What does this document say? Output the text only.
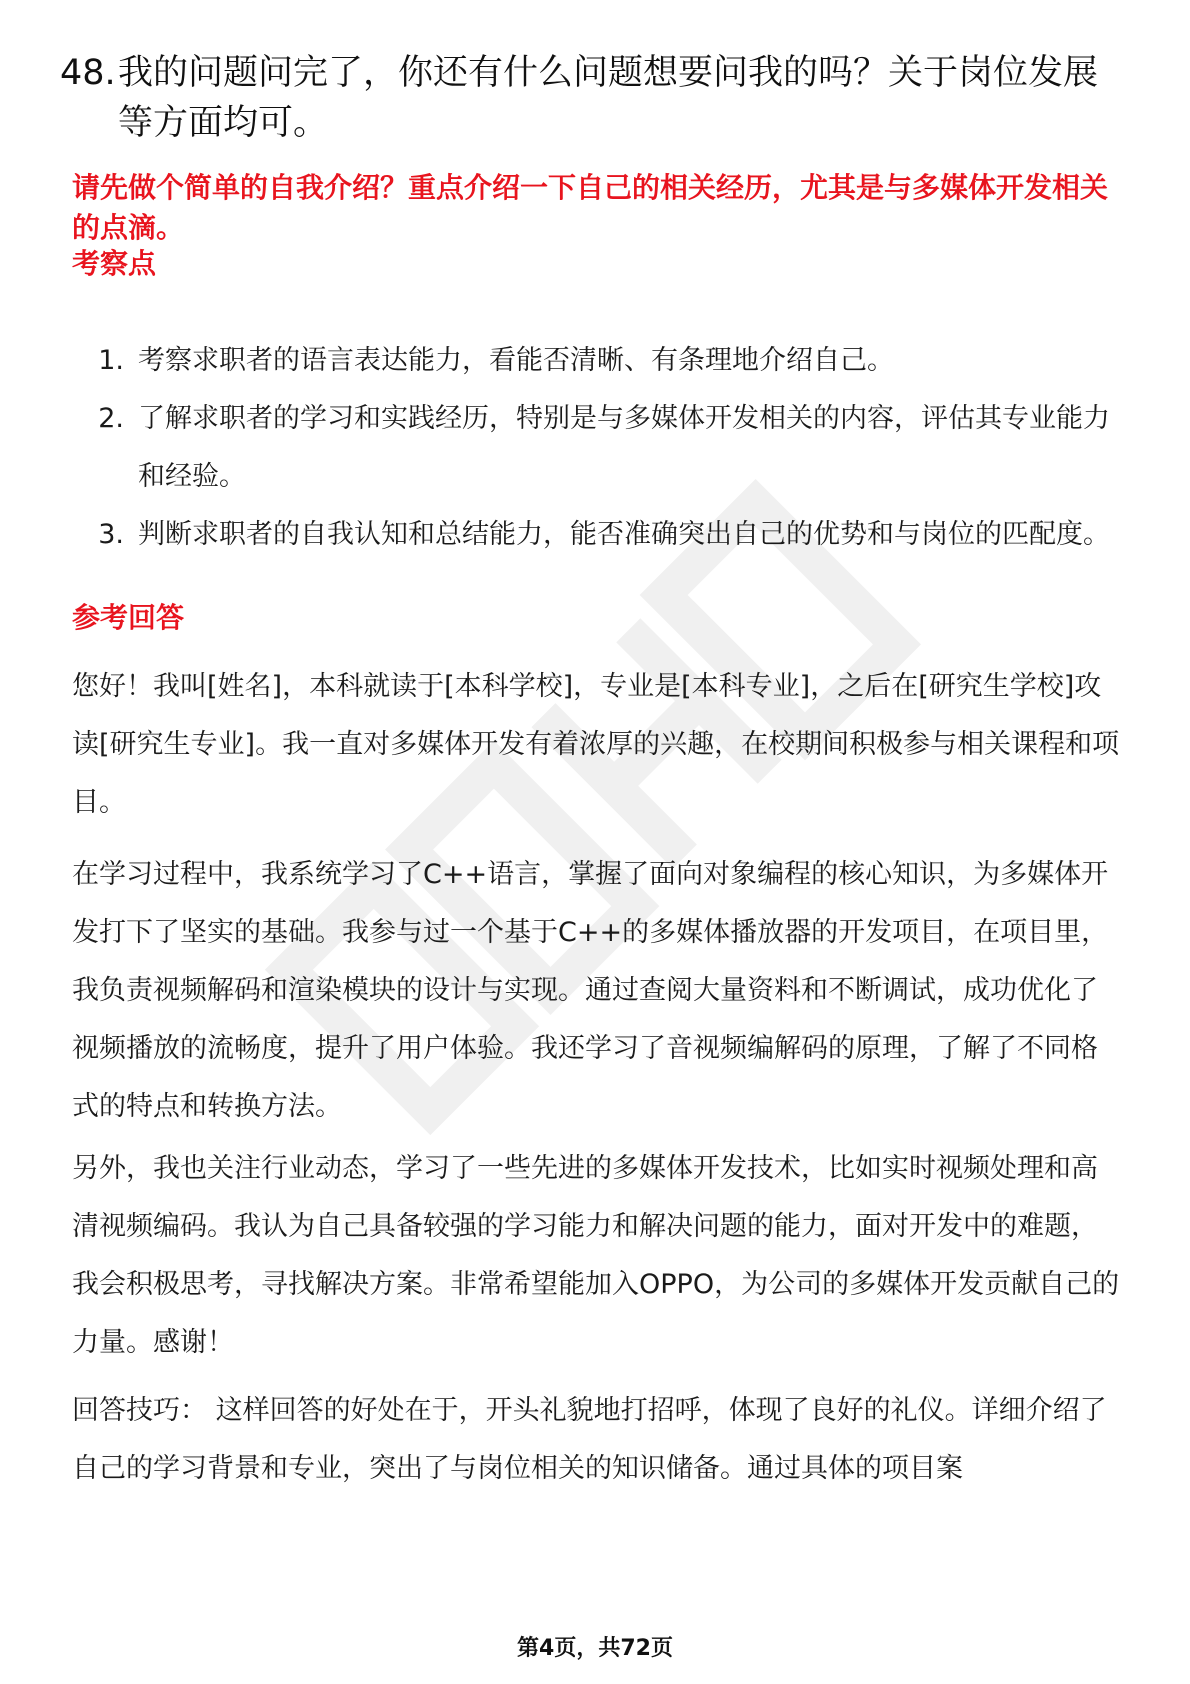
48. 我的问题问完了，你还有什么问题想要问我的吗？关于岗位发展等方面均可。
请先做个简单的自我介绍？重点介绍一下自己的相关经历，尤其是与多媒体开发相关的点滴。
考察点
1. 考察求职者的语言表达能力，看能否清晰、有条理地介绍自己。
2. 了解求职者的学习和实践经历，特别是与多媒体开发相关的内容，评估其专业能力和经验。
3. 判断求职者的自我认知和总结能力，能否准确突出自己的优势和与岗位的匹配度。
参考回答

您好！我叫[姓名]，本科就读于[本科学校]，专业是[本科专业]，之后在[研究生学校]攻读[研究生专业]。我一直对多媒体开发有着浓厚的兴趣，在校期间积极参与相关课程和项目。

在学习过程中，我系统学习了C++语言，掌握了面向对象编程的核心知识，为多媒体开发打下了坚实的基础。我参与过一个基于C++的多媒体播放器的开发项目，在项目里，我负责视频解码和渲染模块的设计与实现。通过查阅大量资料和不断调试，成功优化了视频播放的流畅度，提升了用户体验。我还学习了音视频编解码的原理，了解了不同格式的特点和转换方法。

另外，我也关注行业动态，学习了一些先进的多媒体开发技术，比如实时视频处理和高清视频编码。我认为自己具备较强的学习能力和解决问题的能力，面对开发中的难题，我会积极思考，寻找解决方案。非常希望能加入OPPO，为公司的多媒体开发贡献自己的力量。感谢！

回答技巧： 这样回答的好处在于，开头礼貌地打招呼，体现了良好的礼仪。详细介绍了自己的学习背景和专业，突出了与岗位相关的知识储备。通过具体的项目案

第4页，共72页
